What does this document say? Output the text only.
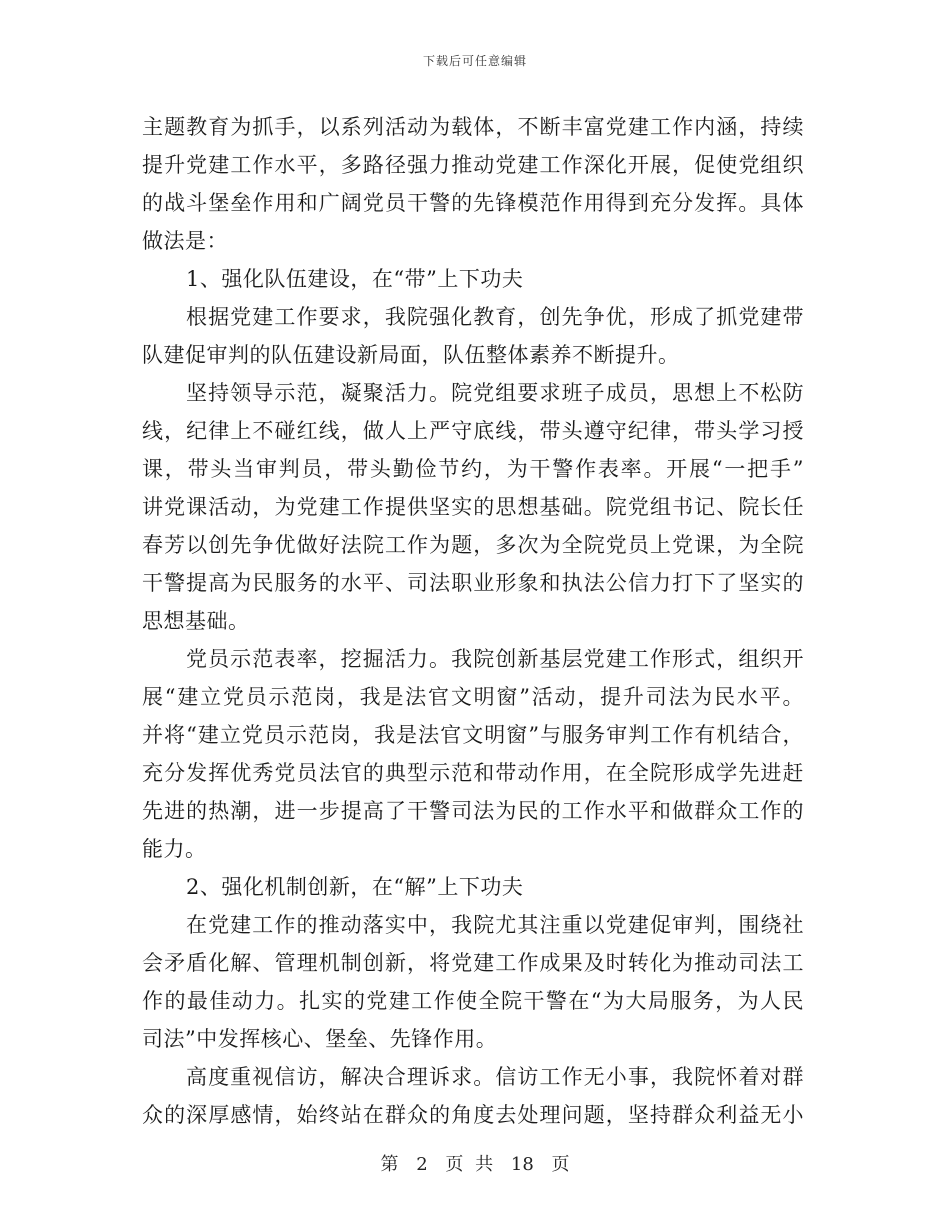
下载后可任意编辑
主题教育为抓手，以系列活动为载体，不断丰富党建工作内涵，持续
提升党建工作水平，多路径强力推动党建工作深化开展，促使党组织
的战斗堡垒作用和广阔党员干警的先锋模范作用得到充分发挥。具体
做法是：
1、强化队伍建设，在“带”上下功夫
根据党建工作要求，我院强化教育，创先争优，形成了抓党建带
队建促审判的队伍建设新局面，队伍整体素养不断提升。
坚持领导示范，凝聚活力。院党组要求班子成员，思想上不松防
线，纪律上不碰红线，做人上严守底线，带头遵守纪律，带头学习授
课，带头当审判员，带头勤俭节约，为干警作表率。开展“一把手”
讲党课活动，为党建工作提供坚实的思想基础。院党组书记、院长任
春芳以创先争优做好法院工作为题，多次为全院党员上党课，为全院
干警提高为民服务的水平、司法职业形象和执法公信力打下了坚实的
思想基础。
党员示范表率，挖掘活力。我院创新基层党建工作形式，组织开
展“建立党员示范岗，我是法官文明窗”活动，提升司法为民水平。
并将“建立党员示范岗，我是法官文明窗”与服务审判工作有机结合，
充分发挥优秀党员法官的典型示范和带动作用，在全院形成学先进赶
先进的热潮，进一步提高了干警司法为民的工作水平和做群众工作的
能力。
2、强化机制创新，在“解”上下功夫
在党建工作的推动落实中，我院尤其注重以党建促审判，围绕社
会矛盾化解、管理机制创新，将党建工作成果及时转化为推动司法工
作的最佳动力。扎实的党建工作使全院干警在“为大局服务，为人民
司法”中发挥核心、堡垒、先锋作用。
高度重视信访，解决合理诉求。信访工作无小事，我院怀着对群
众的深厚感情，始终站在群众的角度去处理问题，坚持群众利益无小
第 2 页 共 18 页
